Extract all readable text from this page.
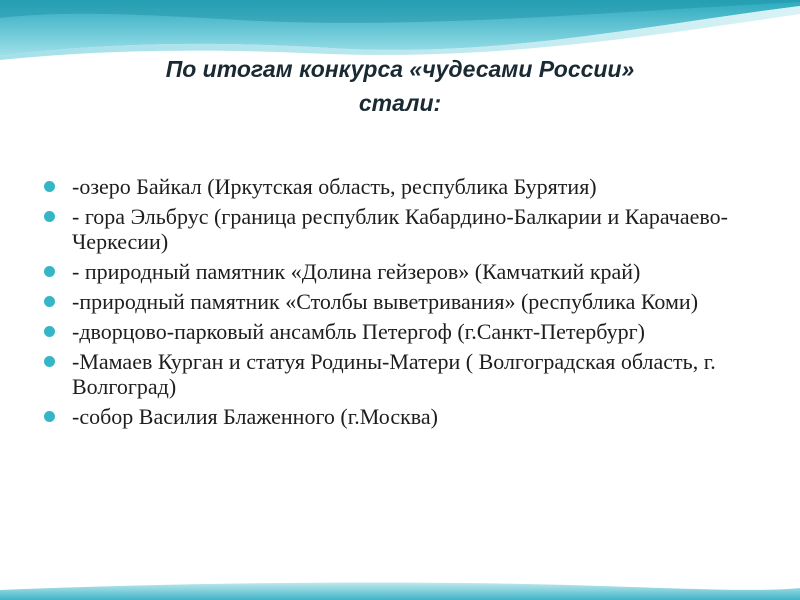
По итогам конкурса «чудесами России»
стали:
-озеро Байкал (Иркутская область, республика Бурятия)
- гора Эльбрус (граница республик Кабардино-Балкарии и Карачаево-Черкесии)
- природный памятник «Долина гейзеров» (Камчаткий край)
-природный памятник «Столбы выветривания» (республика Коми)
-дворцово-парковый ансамбль Петергоф (г.Санкт-Петербург)
-Мамаев Курган и статуя Родины-Матери ( Волгоградская область, г. Волгоград)
-собор Василия Блаженного (г.Москва)
